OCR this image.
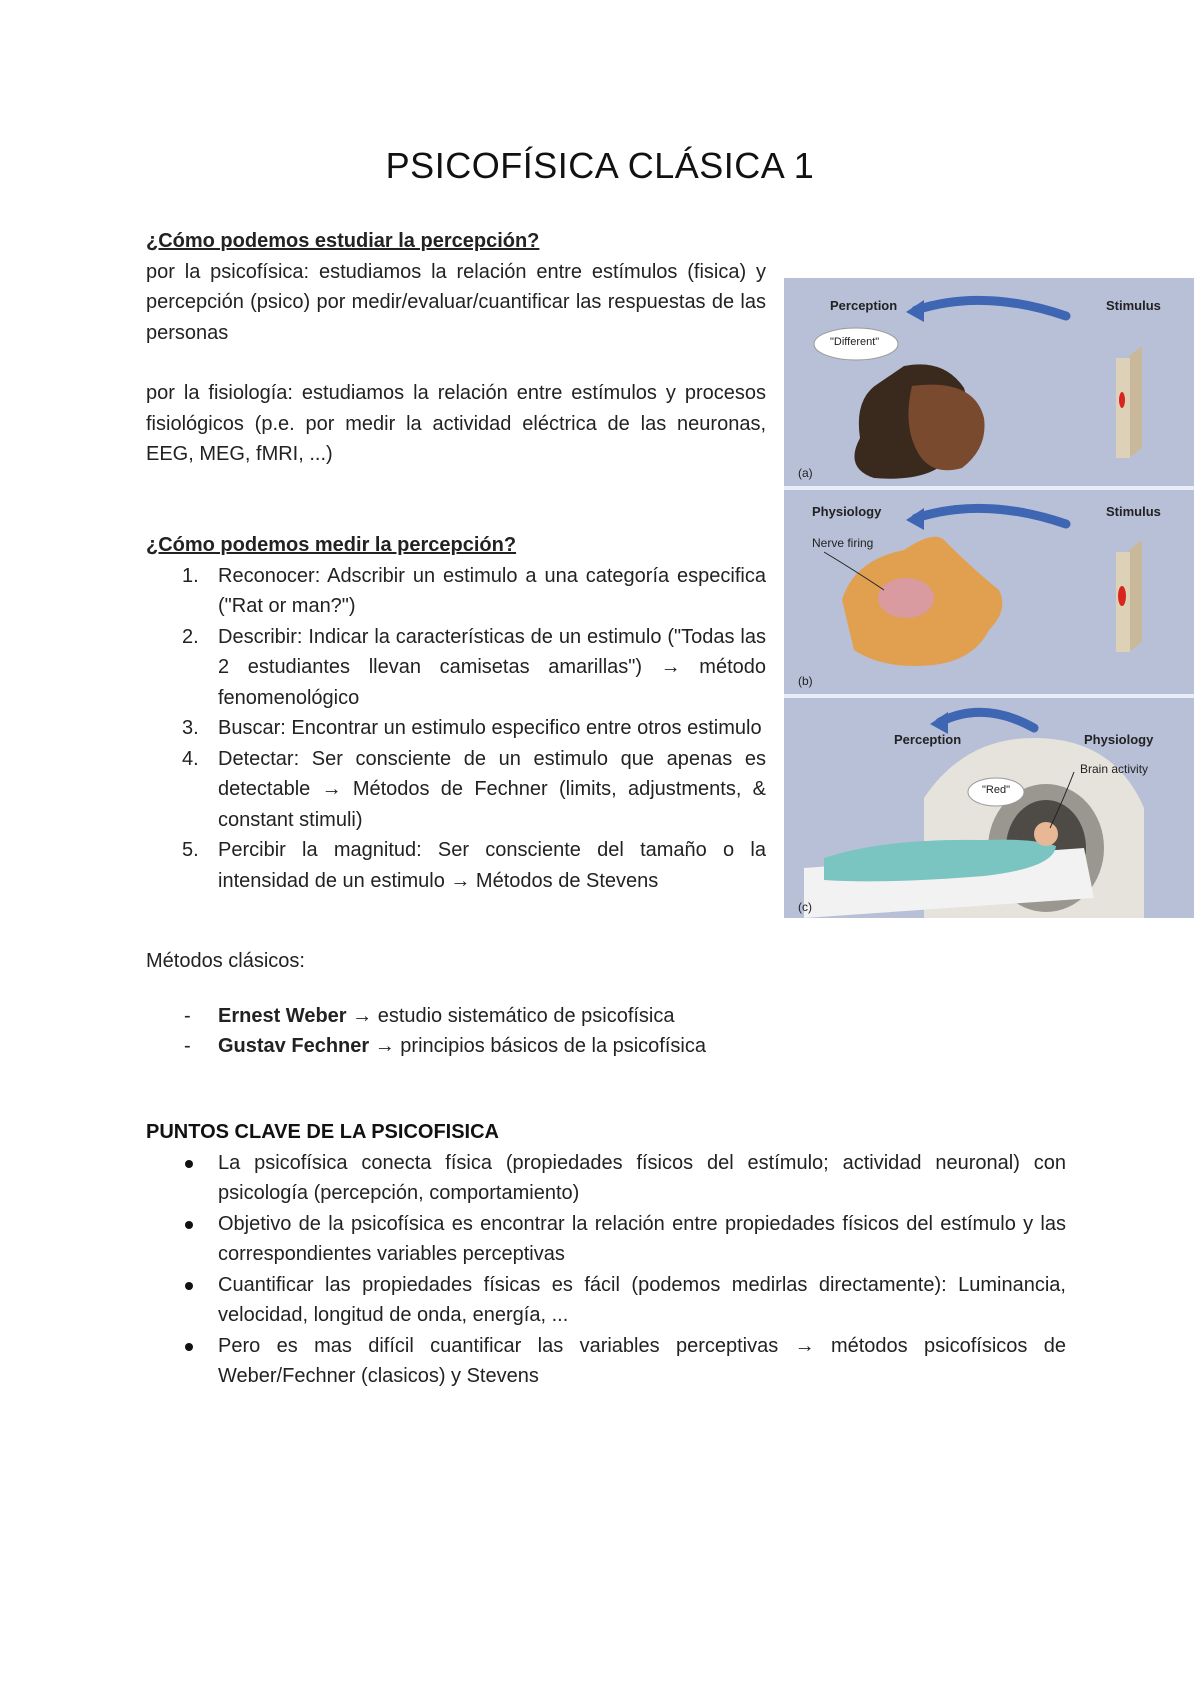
PSICOFÍSICA CLÁSICA 1

¿Cómo podemos estudiar la percepción?

por la psicofísica: estudiamos la relación entre estímulos (fisica) y percepción (psico) por medir/evaluar/cuantificar las respuestas de las personas

por la fisiología: estudiamos la relación entre estímulos y procesos fisiológicos (p.e. por medir la actividad eléctrica de las neuronas, EEG, MEG, fMRI, ...)

¿Cómo podemos medir la percepción?

1. Reconocer: Adscribir un estimulo a una categoría especifica ("Rat or man?")
2. Describir: Indicar la características de un estimulo ("Todas las 2 estudiantes llevan camisetas amarillas") → método fenomenológico
3. Buscar: Encontrar un estimulo especifico entre otros estimulo
4. Detectar: Ser consciente de un estimulo que apenas es detectable → Métodos de Fechner (limits, adjustments, & constant stimuli)
5. Percibir la magnitud: Ser consciente del tamaño o la intensidad de un estimulo → Métodos de Stevens

Métodos clásicos:

- Ernest Weber → estudio sistemático de psicofísica
- Gustav Fechner → principios básicos de la psicofísica
PUNTOS CLAVE DE LA PSICOFISICA
La psicofísica conecta física (propiedades físicos del estímulo; actividad neuronal) con psicología (percepción, comportamiento)
Objetivo de la psicofísica es encontrar la relación entre propiedades físicos del estímulo y las correspondientes variables perceptivas
Cuantificar las propiedades físicas es fácil (podemos medirlas directamente): Luminancia, velocidad, longitud de onda, energía, ...
Pero es mas difícil cuantificar las variables perceptivas → métodos psicofísicos de Weber/Fechner (clasicos) y Stevens
Perception	Stimulus
"Different"
(a)
Physiology	Stimulus
Nerve firing
(b)
Perception	Physiology
Brain activity
"Red"
(c)
